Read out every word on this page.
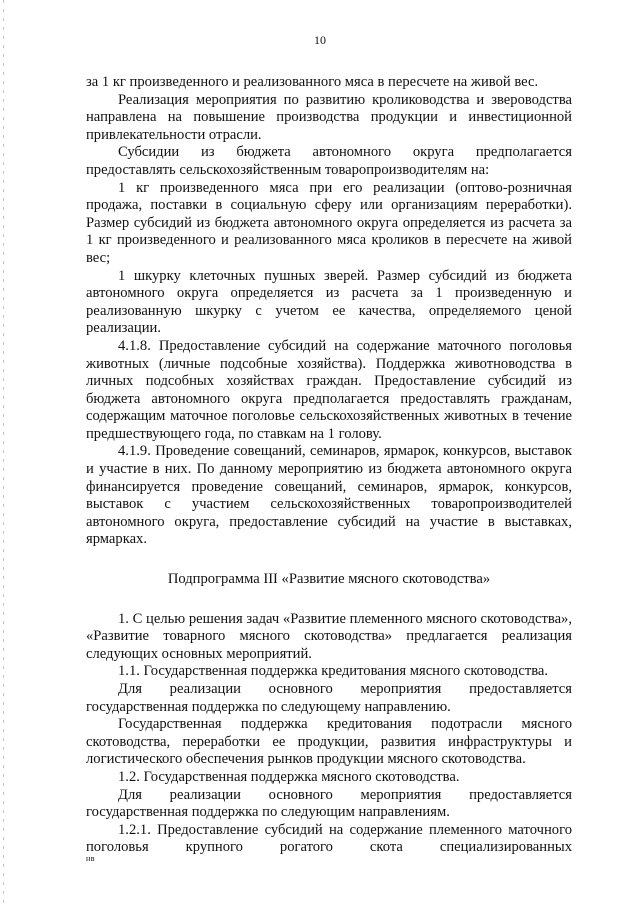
10

за 1 кг произведенного и реализованного мяса в пересчете на живой вес.

Реализация мероприятия по развитию кролиководства и звероводства направлена на повышение производства продукции и инвестиционной привлекательности отрасли.

Субсидии из бюджета автономного округа предполагается предоставлять сельскохозяйственным товаропроизводителям на:

1 кг произведенного мяса при его реализации (оптово-розничная продажа, поставки в социальную сферу или организациям переработки). Размер субсидий из бюджета автономного округа определяется из расчета за 1 кг произведенного и реализованного мяса кроликов в пересчете на живой вес;

1 шкурку клеточных пушных зверей. Размер субсидий из бюджета автономного округа определяется из расчета за 1 произведенную и реализованную шкурку с учетом ее качества, определяемого ценой реализации.

4.1.8. Предоставление субсидий на содержание маточного поголовья животных (личные подсобные хозяйства). Поддержка животноводства в личных подсобных хозяйствах граждан. Предоставление субсидий из бюджета автономного округа предполагается предоставлять гражданам, содержащим маточное поголовье сельскохозяйственных животных в течение предшествующего года, по ставкам на 1 голову.

4.1.9. Проведение совещаний, семинаров, ярмарок, конкурсов, выставок и участие в них. По данному мероприятию из бюджета автономного округа финансируется проведение совещаний, семинаров, ярмарок, конкурсов, выставок с участием сельскохозяйственных товаропроизводителей автономного округа, предоставление субсидий на участие в выставках, ярмарках.

Подпрограмма III «Развитие мясного скотоводства»

1. С целью решения задач «Развитие племенного мясного скотоводства», «Развитие товарного мясного скотоводства» предлагается реализация следующих основных мероприятий.

1.1. Государственная поддержка кредитования мясного скотоводства.

Для реализации основного мероприятия предоставляется государственная поддержка по следующему направлению.

Государственная поддержка кредитования подотрасли мясного скотоводства, переработки ее продукции, развития инфраструктуры и логистического обеспечения рынков продукции мясного скотоводства.

1.2. Государственная поддержка мясного скотоводства.

Для реализации основного мероприятия предоставляется государственная поддержка по следующим направлениям.

1.2.1. Предоставление субсидий на содержание племенного маточного поголовья крупного рогатого скота специализированных

нв
